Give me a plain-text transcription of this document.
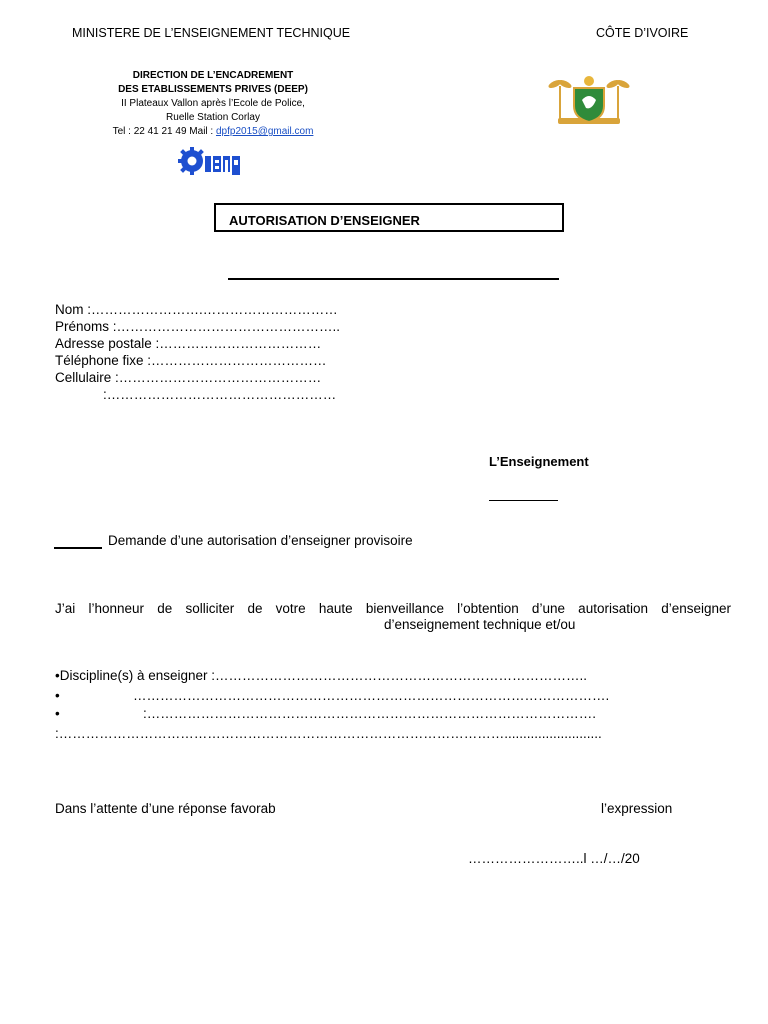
MINISTERE DE L’ENSEIGNEMENT TECHNIQUE	CÔTE D’IVOIRE
DIRECTION DE L’ENCADREMENT
DES ETABLISSEMENTS PRIVES (DEEP)
II Plateaux Vallon après l’Ecole de Police,
Ruelle Station Corlay
Tel : 22 41 21 49 Mail : dpfp2015@gmail.com
AUTORISATION D’ENSEIGNER
Nom :…………………….…………………………
Prénoms :…………………………………………..
Adresse postale :………………………………
Téléphone fixe :…………………………………
Cellulaire :………………………………………
:……………………………………………
L’Enseignement
Demande d’une autorisation d’enseigner provisoire
J’ai l’honneur de solliciter de votre haute bienveillance l’obtention d’une autorisation d’enseigner
d’enseignement technique et/ou
•Discipline(s) à enseigner :………………………………………………………………………..
•	…………………………………………………………………………………………….
•	:……………………………………………………………………………………….
:………………………………………………………………………………………..........................
Dans l’attente d’une réponse favorab	l’expression
……………………..l …/…/20
